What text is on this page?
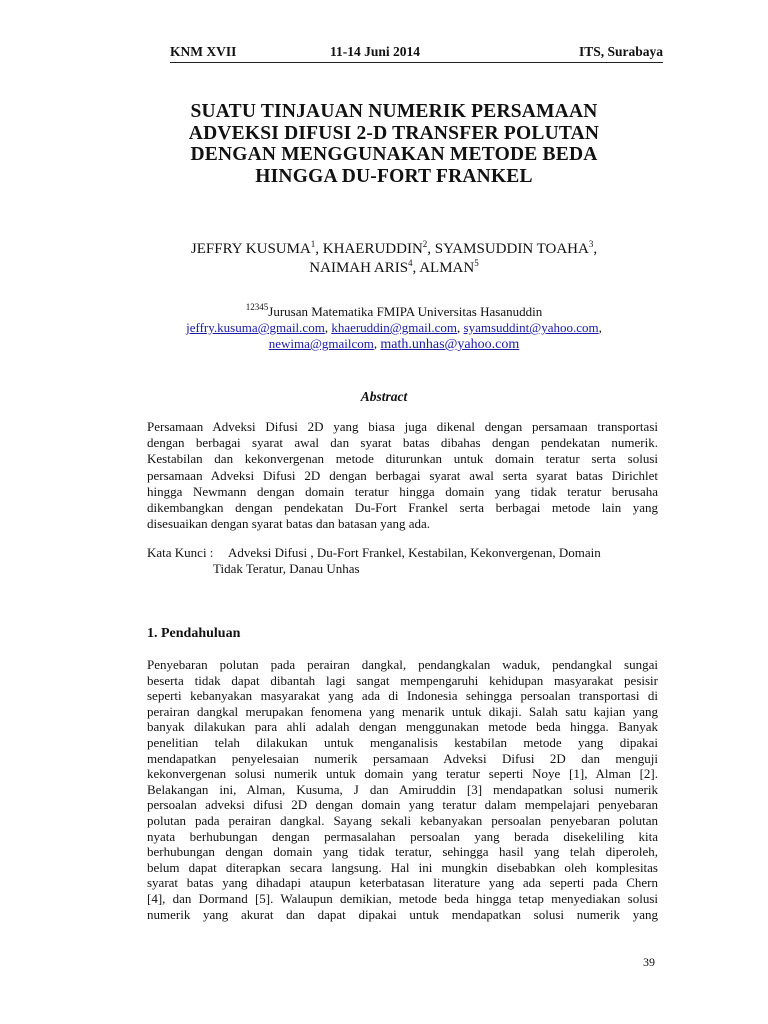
KNM XVII	11-14 Juni 2014	ITS, Surabaya
SUATU TINJAUAN NUMERIK PERSAMAAN
ADVEKSI DIFUSI 2-D TRANSFER POLUTAN
DENGAN MENGGUNAKAN METODE BEDA
HINGGA DU-FORT FRANKEL
JEFFRY KUSUMA$^1$, KHAERUDDIN$^2$, SYAMSUDDIN TOAHA$^3$,
NAIMAH ARIS$^4$, ALMAN$^5$
$^{12345}$Jurusan Matematika FMIPA Universitas Hasanuddin
jeffry.kusuma@gmail.com, khaeruddin@gmail.com, syamsuddint@yahoo.com,
newima@gmailcom, math.unhas@yahoo.com
Abstract
Persamaan Adveksi Difusi 2D yang biasa juga dikenal dengan persamaan transportasi
dengan berbagai syarat awal dan syarat batas dibahas dengan pendekatan numerik.
Kestabilan dan kekonvergenan metode diturunkan untuk domain teratur serta solusi
persamaan Adveksi Difusi 2D dengan berbagai syarat awal serta syarat batas Dirichlet
hingga Newmann dengan domain teratur hingga domain yang tidak teratur berusaha
dikembangkan dengan pendekatan Du-Fort Frankel serta berbagai metode lain yang
disesuaikan dengan syarat batas dan batasan yang ada.
Kata Kunci : Adveksi Difusi , Du-Fort Frankel, Kestabilan, Kekonvergenan, Domain
Tidak Teratur, Danau Unhas
1. Pendahuluan
Penyebaran polutan pada perairan dangkal, pendangkalan waduk, pendangkal sungai
beserta tidak dapat dibantah lagi sangat mempengaruhi kehidupan masyarakat pesisir
seperti kebanyakan masyarakat yang ada di Indonesia sehingga persoalan transportasi di
perairan dangkal merupakan fenomena yang menarik untuk dikaji. Salah satu kajian yang
banyak dilakukan para ahli adalah dengan menggunakan metode beda hingga. Banyak
penelitian telah dilakukan untuk menganalisis kestabilan metode yang dipakai
mendapatkan penyelesaian numerik persamaan Adveksi Difusi 2D dan menguji
kekonvergenan solusi numerik untuk domain yang teratur seperti Noye [1], Alman [2].
Belakangan ini, Alman, Kusuma, J dan Amiruddin [3] mendapatkan solusi numerik
persoalan adveksi difusi 2D dengan domain yang teratur dalam mempelajari penyebaran
polutan pada perairan dangkal. Sayang sekali kebanyakan persoalan penyebaran polutan
nyata berhubungan dengan permasalahan persoalan yang berada disekeliling kita
berhubungan dengan domain yang tidak teratur, sehingga hasil yang telah diperoleh,
belum dapat diterapkan secara langsung. Hal ini mungkin disebabkan oleh komplesitas
syarat batas yang dihadapi ataupun keterbatasan literature yang ada seperti pada Chern
[4], dan Dormand [5]. Walaupun demikian, metode beda hingga tetap menyediakan solusi
numerik yang akurat dan dapat dipakai untuk mendapatkan solusi numerik yang
39
